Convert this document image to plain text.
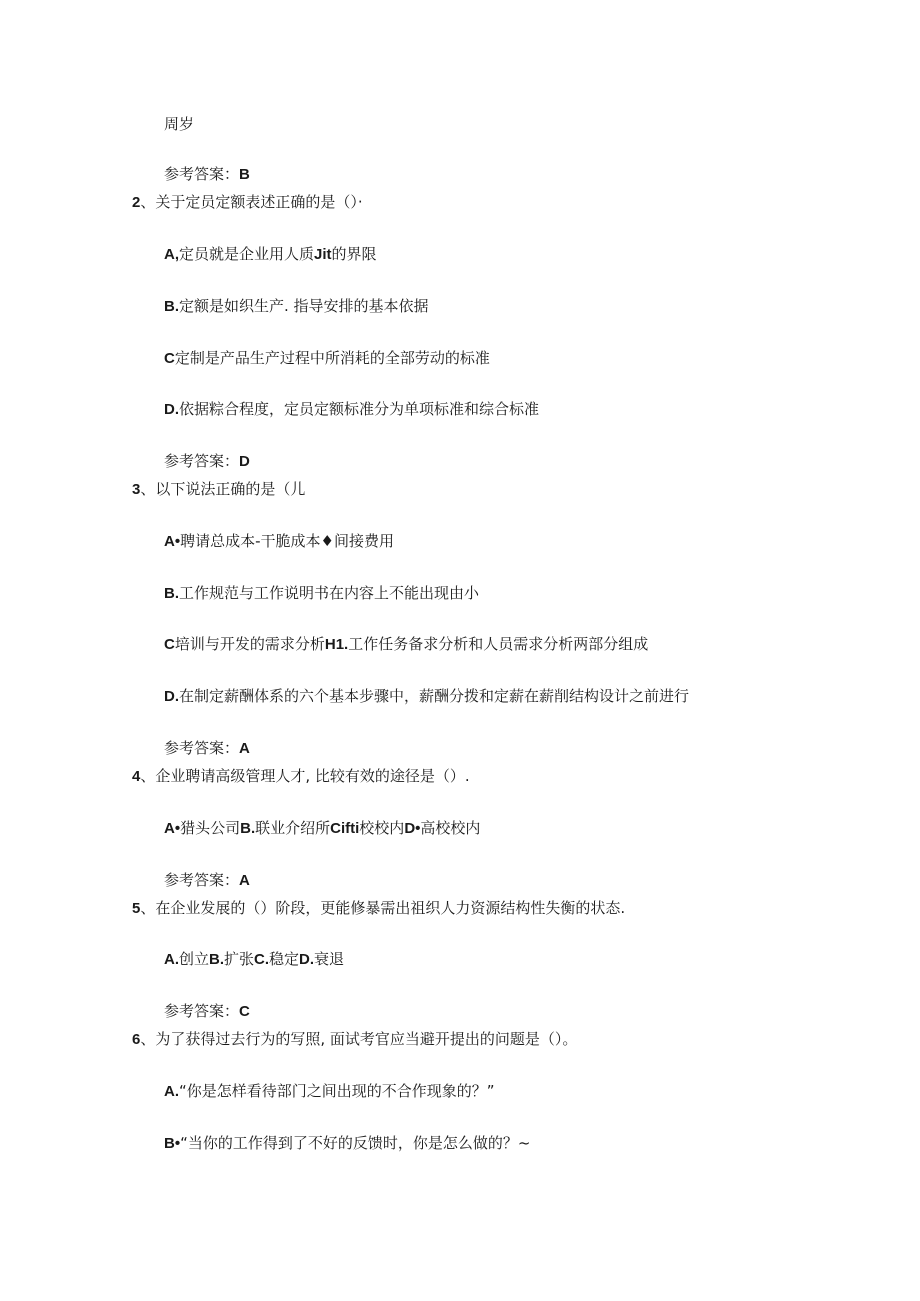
周岁
参考答案：B
2、关于定员定额表述正确的是（）·
A,定员就是企业用人质Jit的界限
B.定额是如织生产. 指导安排的基本依据
C定制是产品生产过程中所消耗的全部劳动的标准
D.依据粽合程度，定员定额标准分为单项标准和综合标准
参考答案：D
3、以下说法正确的是（儿
A•聘请总成本-干脆成本♦间接费用
B.工作规范与工作说明书在内容上不能出现由小
C培训与开发的需求分析H1.工作任务备求分析和人员需求分析两部分组成
D.在制定薪酬体系的六个基本步骤中，薪酬分拨和定薪在薪削结构设计之前进行
参考答案：A
4、企业聘请高级管理人才, 比较有效的途径是（）.
A•猎头公司B.联业介绍所Cifti校校内D•高校校内
参考答案：A
5、在企业发展的（）阶段，更能修暴需出祖织人力资源结构性失衡的状态.
A.创立B.扩张C.稳定D.衰退
参考答案：C
6、为了获得过去行为的写照, 面试考官应当避开提出的问题是（）。
A.“你是怎样看待部门之间出现的不合作现象的？”
B•“当你的工作得到了不好的反馈时，你是怎么做的？~
